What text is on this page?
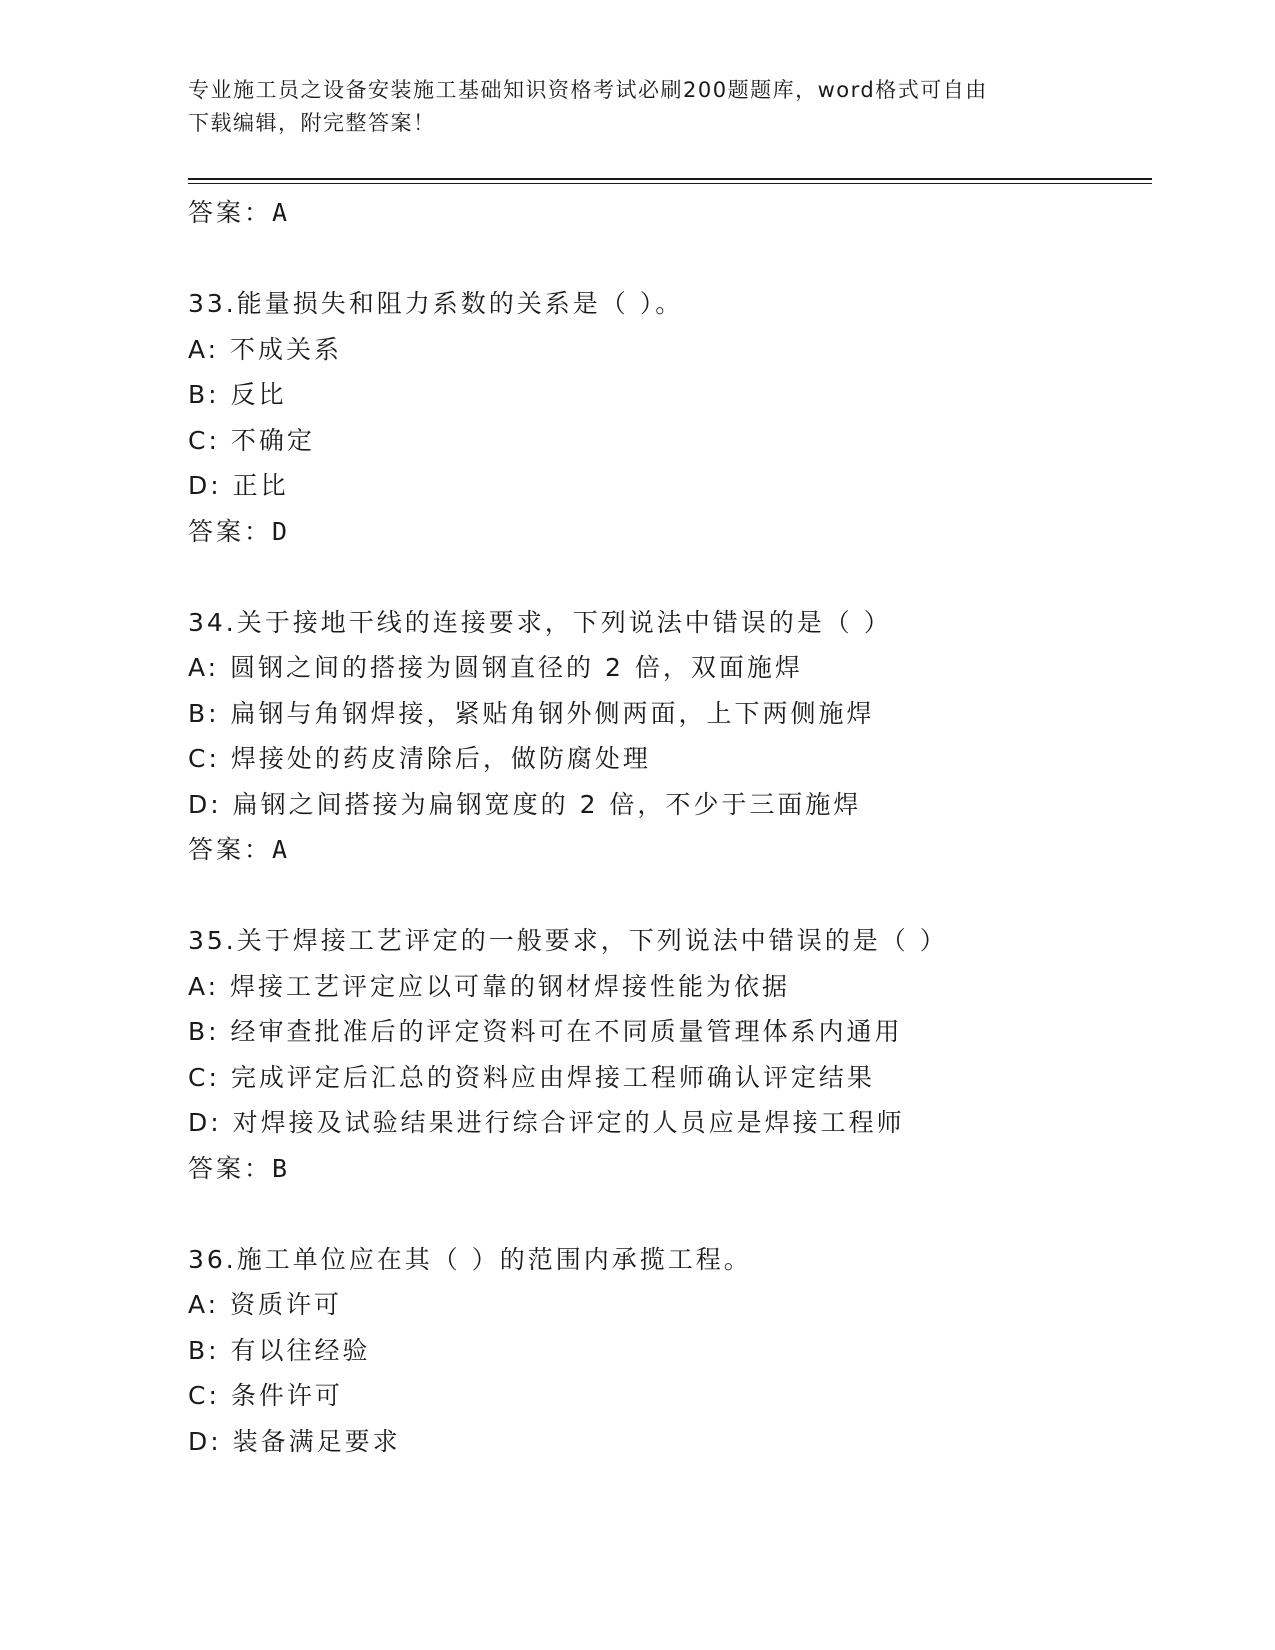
专业施工员之设备安装施工基础知识资格考试必刷200题题库，word格式可自由
下载编辑，附完整答案！
答案：A
33.能量损失和阻力系数的关系是（ ）。
A: 不成关系
B: 反比
C: 不确定
D: 正比
答案：D
34.关于接地干线的连接要求，下列说法中错误的是（ ）
A: 圆钢之间的搭接为圆钢直径的 2 倍，双面施焊
B: 扁钢与角钢焊接，紧贴角钢外侧两面，上下两侧施焊
C: 焊接处的药皮清除后，做防腐处理
D: 扁钢之间搭接为扁钢宽度的 2 倍，不少于三面施焊
答案：A
35.关于焊接工艺评定的一般要求，下列说法中错误的是（ ）
A: 焊接工艺评定应以可靠的钢材焊接性能为依据
B: 经审查批准后的评定资料可在不同质量管理体系内通用
C: 完成评定后汇总的资料应由焊接工程师确认评定结果
D: 对焊接及试验结果进行综合评定的人员应是焊接工程师
答案：B
36.施工单位应在其（ ）的范围内承揽工程。
A: 资质许可
B: 有以往经验
C: 条件许可
D: 装备满足要求
